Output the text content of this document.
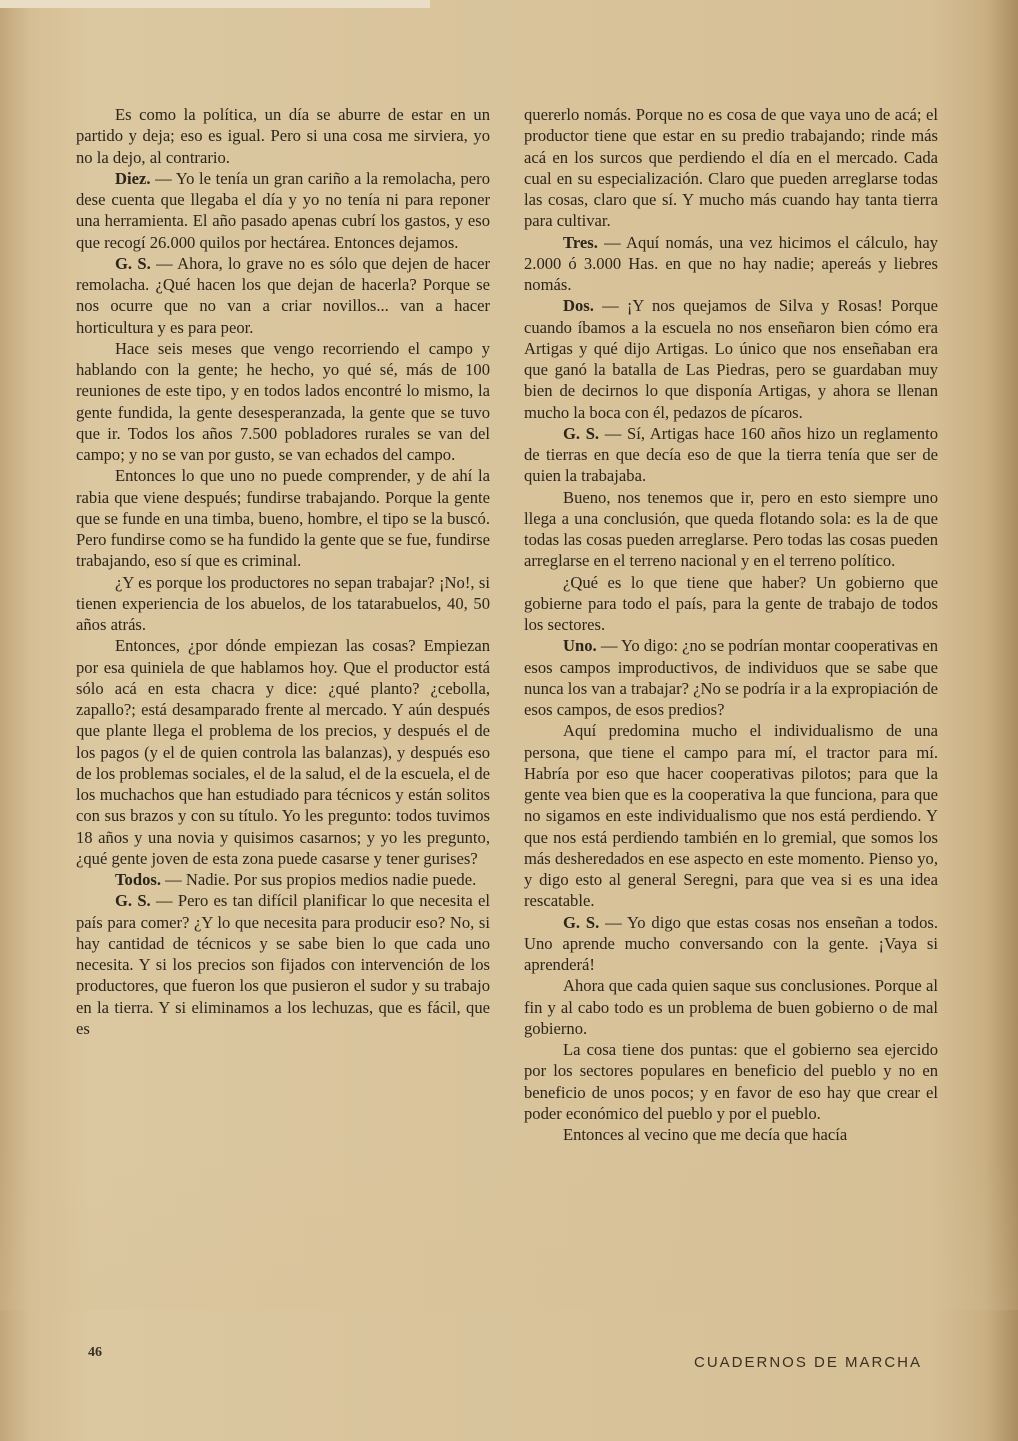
Es como la política, un día se aburre de estar en un partido y deja; eso es igual. Pero si una cosa me sirviera, yo no la dejo, al contrario.

Diez. — Yo le tenía un gran cariño a la remolacha, pero dese cuenta que llegaba el día y yo no tenía ni para reponer una herramienta. El año pasado apenas cubrí los gastos, y eso que recogí 26.000 quilos por hectárea. Entonces dejamos.

G. S. — Ahora, lo grave no es sólo que dejen de hacer remolacha. ¿Qué hacen los que dejan de hacerla? Porque se nos ocurre que no van a criar novillos... van a hacer horticultura y es para peor.

Hace seis meses que vengo recorriendo el campo y hablando con la gente; he hecho, yo qué sé, más de 100 reuniones de este tipo, y en todos lados encontré lo mismo, la gente fundida, la gente desesperanzada, la gente que se tuvo que ir. Todos los años 7.500 pobladores rurales se van del campo; y no se van por gusto, se van echados del campo.

Entonces lo que uno no puede comprender, y de ahí la rabia que viene después; fundirse trabajando. Porque la gente que se funde en una timba, bueno, hombre, el tipo se la buscó. Pero fundirse como se ha fundido la gente que se fue, fundirse trabajando, eso sí que es criminal.

¿Y es porque los productores no sepan trabajar? ¡No!, si tienen experiencia de los abuelos, de los tatarabuelos, 40, 50 años atrás.

Entonces, ¿por dónde empiezan las cosas? Empiezan por esa quiniela de que hablamos hoy. Que el productor está sólo acá en esta chacra y dice: ¿qué planto? ¿cebolla, zapallo?; está desamparado frente al mercado. Y aún después que plante llega el problema de los precios, y después el de los pagos (y el de quien controla las balanzas), y después eso de los problemas sociales, el de la salud, el de la escuela, el de los muchachos que han estudiado para técnicos y están solitos con sus brazos y con su título. Yo les pregunto: todos tuvimos 18 años y una novia y quisimos casarnos; y yo les pregunto, ¿qué gente joven de esta zona puede casarse y tener gurises?

Todos. — Nadie. Por sus propios medios nadie puede.

G. S. — Pero es tan difícil planificar lo que necesita el país para comer? ¿Y lo que necesita para producir eso? No, si hay cantidad de técnicos y se sabe bien lo que cada uno necesita. Y si los precios son fijados con intervención de los productores, que fueron los que pusieron el sudor y su trabajo en la tierra. Y si eliminamos a los lechuzas, que es fácil, que es

quererlo nomás. Porque no es cosa de que vaya uno de acá; el productor tiene que estar en su predio trabajando; rinde más acá en los surcos que perdiendo el día en el mercado. Cada cual en su especialización. Claro que pueden arreglarse todas las cosas, claro que sí. Y mucho más cuando hay tanta tierra para cultivar.

Tres. — Aquí nomás, una vez hicimos el cálculo, hay 2.000 ó 3.000 Has. en que no hay nadie; apereás y liebres nomás.

Dos. — ¡Y nos quejamos de Silva y Rosas! Porque cuando íbamos a la escuela no nos enseñaron bien cómo era Artigas y qué dijo Artigas. Lo único que nos enseñaban era que ganó la batalla de Las Piedras, pero se guardaban muy bien de decirnos lo que disponía Artigas, y ahora se llenan mucho la boca con él, pedazos de pícaros.

G. S. — Sí, Artigas hace 160 años hizo un reglamento de tierras en que decía eso de que la tierra tenía que ser de quien la trabajaba.

Bueno, nos tenemos que ir, pero en esto siempre uno llega a una conclusión, que queda flotando sola: es la de que todas las cosas pueden arreglarse. Pero todas las cosas pueden arreglarse en el terreno nacional y en el terreno político.

¿Qué es lo que tiene que haber? Un gobierno que gobierne para todo el país, para la gente de trabajo de todos los sectores.

Uno. — Yo digo: ¿no se podrían montar cooperativas en esos campos improductivos, de individuos que se sabe que nunca los van a trabajar? ¿No se podría ir a la expropiación de esos campos, de esos predios?

Aquí predomina mucho el individualismo de una persona, que tiene el campo para mí, el tractor para mí. Habría por eso que hacer cooperativas pilotos; para que la gente vea bien que es la cooperativa la que funciona, para que no sigamos en este individualismo que nos está perdiendo. Y que nos está perdiendo también en lo gremial, que somos los más desheredados en ese aspecto en este momento. Pienso yo, y digo esto al general Seregni, para que vea si es una idea rescatable.

G. S. — Yo digo que estas cosas nos enseñan a todos. Uno aprende mucho conversando con la gente. ¡Vaya si aprenderá!

Ahora que cada quien saque sus conclusiones. Porque al fin y al cabo todo es un problema de buen gobierno o de mal gobierno.

La cosa tiene dos puntas: que el gobierno sea ejercido por los sectores populares en beneficio del pueblo y no en beneficio de unos pocos; y en favor de eso hay que crear el poder económico del pueblo y por el pueblo.

Entonces al vecino que me decía que hacía

46
CUADERNOS DE MARCHA
